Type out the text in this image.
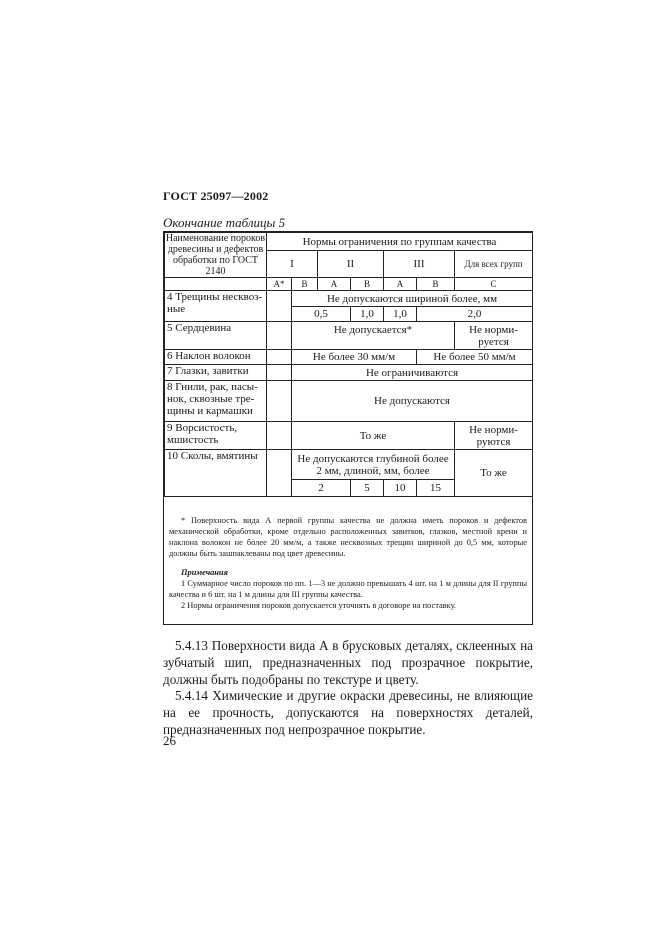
ГОСТ 25097—2002
Окончание таблицы 5
Наименование пороков древесины и дефектов обработки по ГОСТ 2140	Нормы ограничения по группам качества							
	I		II		III		Для всех групп	
	А*	В	А	В	А	В	С	
4 Трещины несквоз-ные		Не допускаются шириной более, мм						
		0,5		1,0	1,0	2,0	
5 Сердцевина		Не допускается*					Не норми-руется	
6 Наклон волокон		Не более 30 мм/м				Не более 50 мм/м		
7 Глазки, завитки		Не ограничиваются						
8 Гнили, рак, пасы-нок, сквозные тре-щины и кармашки		Не допускаются						
9 Ворсистость, мшистость		То же					Не норми-руются	
10 Сколы, вмятины		Не допускаются глубиной более 2 мм, длиной, мм, более					То же	
		2		5	10	15		

* Поверхность вида А первой группы качества не должна иметь пороков и дефектов механической обработки, кроме отдельно расположенных завитков, глазков, местной крени и наклона волокон не более 20 мм/м, а также несквозных трещин шириной до 0,5 мм, которые должны быть зашпаклеваны под цвет древесины.

Примечания

1 Суммарное число пороков по пп. 1—3 не должно превышать 4 шт. на 1 м длины для II группы качества и 6 шт. на 1 м длины для III группы качества.

2 Нормы ограничения пороков допускается уточнять в договоре на поставку.

5.4.13 Поверхности вида А в брусковых деталях, склеенных на зубчатый шип, предназначенных под прозрачное покрытие, должны быть подобраны по текстуре и цвету.

5.4.14 Химические и другие окраски древесины, не влияющие на ее прочность, допускаются на поверхностях деталей, предназначенных под непрозрачное покрытие.

26
